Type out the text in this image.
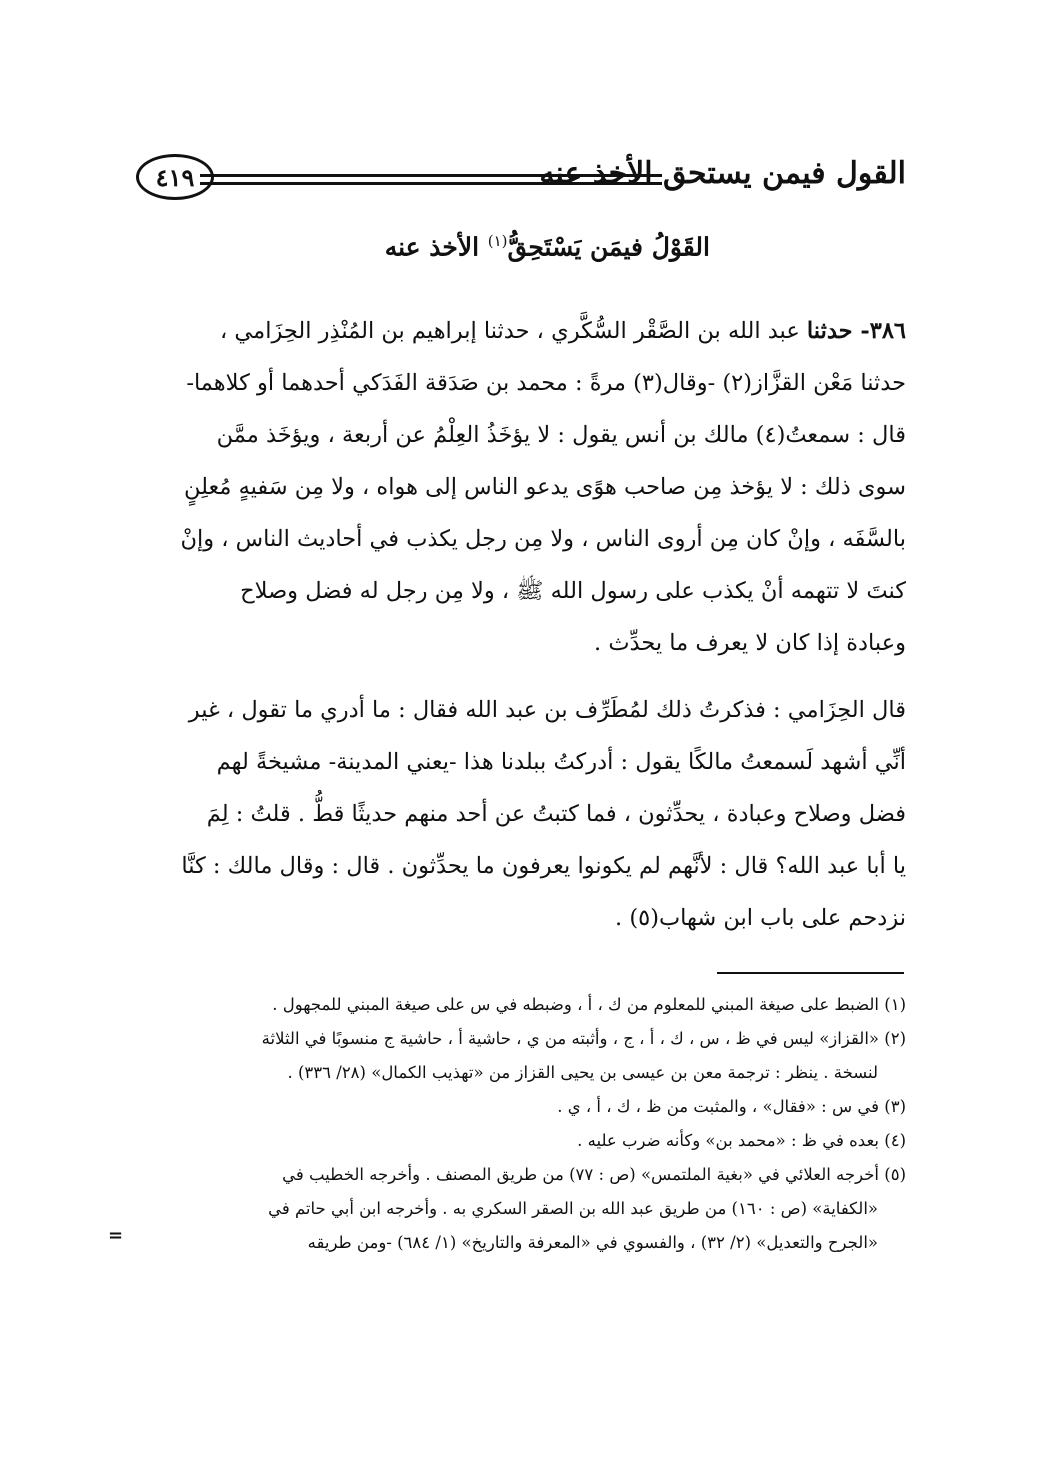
القول فيمن يستحق الأخذ عنه
٤١٩
القَوْلُ فيمَن يَسْتَحِقُّ$^{(١)}$ الأخذ عنه
٣٨٦- حدثنا عبد الله بن الصَّقْر السُّكَّري ، حدثنا إبراهيم بن المُنْذِر الحِزَامي ،
حدثنا مَعْن القزَّاز(٢) -وقال(٣) مرةً : محمد بن صَدَقة الفَدَكي أحدهما أو كلاهما-
قال : سمعتُ(٤) مالك بن أنس يقول : لا يؤخَذُ العِلْمُ عن أربعة ، ويؤخَذ ممَّن
سوى ذلك : لا يؤخذ مِن صاحب هوًى يدعو الناس إلى هواه ، ولا مِن سَفيهٍ مُعلِنٍ
بالسَّفَه ، وإنْ كان مِن أروى الناس ، ولا مِن رجل يكذب في أحاديث الناس ، وإنْ
كنتَ لا تتهمه أنْ يكذب على رسول الله ﷺ ، ولا مِن رجل له فضل وصلاح
وعبادة إذا كان لا يعرف ما يحدِّث .
قال الحِزَامي : فذكرتُ ذلك لمُطَرِّف بن عبد الله فقال : ما أدري ما تقول ، غير
أنِّي أشهد لَسمعتُ مالكًا يقول : أدركتُ ببلدنا هذا -يعني المدينة- مشيخةً لهم
فضل وصلاح وعبادة ، يحدِّثون ، فما كتبتُ عن أحد منهم حديثًا قطُّ . قلتُ : لِمَ
يا أبا عبد الله؟ قال : لأنَّهم لم يكونوا يعرفون ما يحدِّثون . قال : وقال مالك : كنَّا
نزدحم على باب ابن شهاب(٥) .
(١) الضبط على صيغة المبني للمعلوم من ك ، أ ، وضبطه في س على صيغة المبني للمجهول .
(٢) «القزاز» ليس في ظ ، س ، ك ، أ ، ج ، وأثبته من ي ، حاشية أ ، حاشية ج منسوبًا في الثلاثة
لنسخة . ينظر : ترجمة معن بن عيسى بن يحيى القزاز من «تهذيب الكمال» (٢٨/ ٣٣٦) .
(٣) في س : «فقال» ، والمثبت من ظ ، ك ، أ ، ي .
(٤) بعده في ظ : «محمد بن» وكأنه ضرب عليه .
(٥) أخرجه العلائي في «بغية الملتمس» (ص : ٧٧) من طريق المصنف . وأخرجه الخطيب في
«الكفاية» (ص : ١٦٠) من طريق عبد الله بن الصقر السكري به . وأخرجه ابن أبي حاتم في
«الجرح والتعديل» (٢/ ٣٢) ، والفسوي في «المعرفة والتاريخ» (١/ ٦٨٤) -ومن طريقه
=
